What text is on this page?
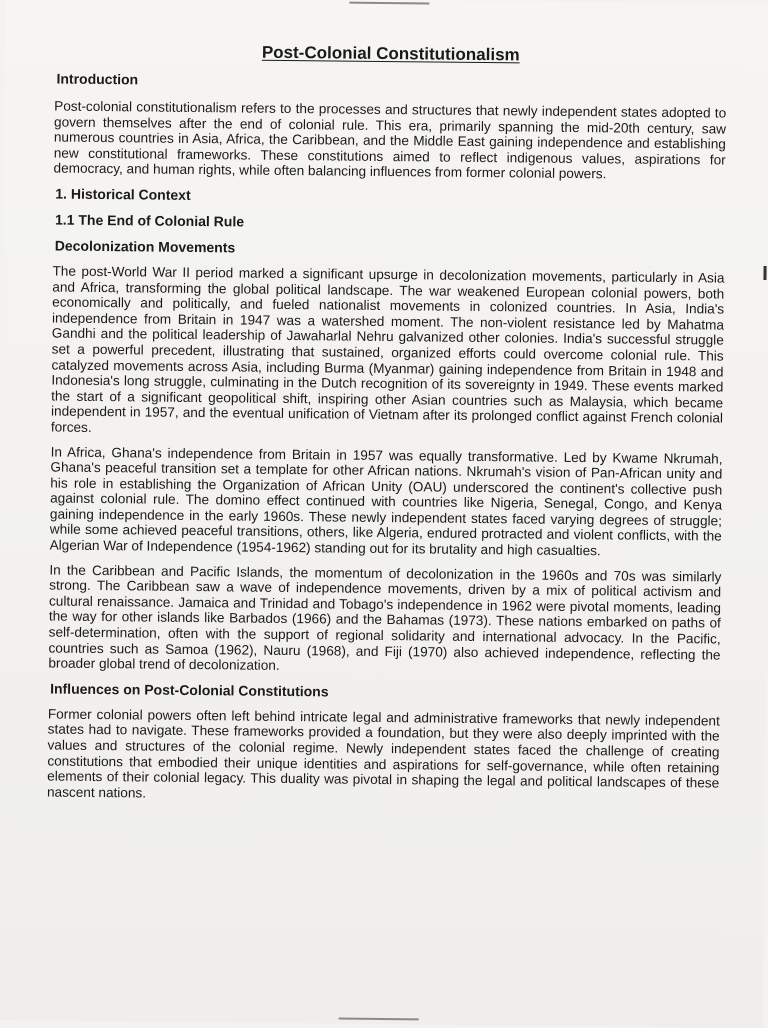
Post-Colonial Constitutionalism
Introduction

Post-colonial constitutionalism refers to the processes and structures that newly independent states adopted to govern themselves after the end of colonial rule. This era, primarily spanning the mid-20th century, saw numerous countries in Asia, Africa, the Caribbean, and the Middle East gaining independence and establishing new constitutional frameworks. These constitutions aimed to reflect indigenous values, aspirations for democracy, and human rights, while often balancing influences from former colonial powers.

1. Historical Context
1.1 The End of Colonial Rule
Decolonization Movements

The post-World War II period marked a significant upsurge in decolonization movements, particularly in Asia and Africa, transforming the global political landscape. The war weakened European colonial powers, both economically and politically, and fueled nationalist movements in colonized countries. In Asia, India's independence from Britain in 1947 was a watershed moment. The non-violent resistance led by Mahatma Gandhi and the political leadership of Jawaharlal Nehru galvanized other colonies. India's successful struggle set a powerful precedent, illustrating that sustained, organized efforts could overcome colonial rule. This catalyzed movements across Asia, including Burma (Myanmar) gaining independence from Britain in 1948 and Indonesia's long struggle, culminating in the Dutch recognition of its sovereignty in 1949. These events marked the start of a significant geopolitical shift, inspiring other Asian countries such as Malaysia, which became independent in 1957, and the eventual unification of Vietnam after its prolonged conflict against French colonial forces.

In Africa, Ghana's independence from Britain in 1957 was equally transformative. Led by Kwame Nkrumah, Ghana's peaceful transition set a template for other African nations. Nkrumah's vision of Pan-African unity and his role in establishing the Organization of African Unity (OAU) underscored the continent's collective push against colonial rule. The domino effect continued with countries like Nigeria, Senegal, Congo, and Kenya gaining independence in the early 1960s. These newly independent states faced varying degrees of struggle; while some achieved peaceful transitions, others, like Algeria, endured protracted and violent conflicts, with the Algerian War of Independence (1954-1962) standing out for its brutality and high casualties.

In the Caribbean and Pacific Islands, the momentum of decolonization in the 1960s and 70s was similarly strong. The Caribbean saw a wave of independence movements, driven by a mix of political activism and cultural renaissance. Jamaica and Trinidad and Tobago's independence in 1962 were pivotal moments, leading the way for other islands like Barbados (1966) and the Bahamas (1973). These nations embarked on paths of self-determination, often with the support of regional solidarity and international advocacy. In the Pacific, countries such as Samoa (1962), Nauru (1968), and Fiji (1970) also achieved independence, reflecting the broader global trend of decolonization.

Influences on Post-Colonial Constitutions

Former colonial powers often left behind intricate legal and administrative frameworks that newly independent states had to navigate. These frameworks provided a foundation, but they were also deeply imprinted with the values and structures of the colonial regime. Newly independent states faced the challenge of creating constitutions that embodied their unique identities and aspirations for self-governance, while often retaining elements of their colonial legacy. This duality was pivotal in shaping the legal and political landscapes of these nascent nations.
